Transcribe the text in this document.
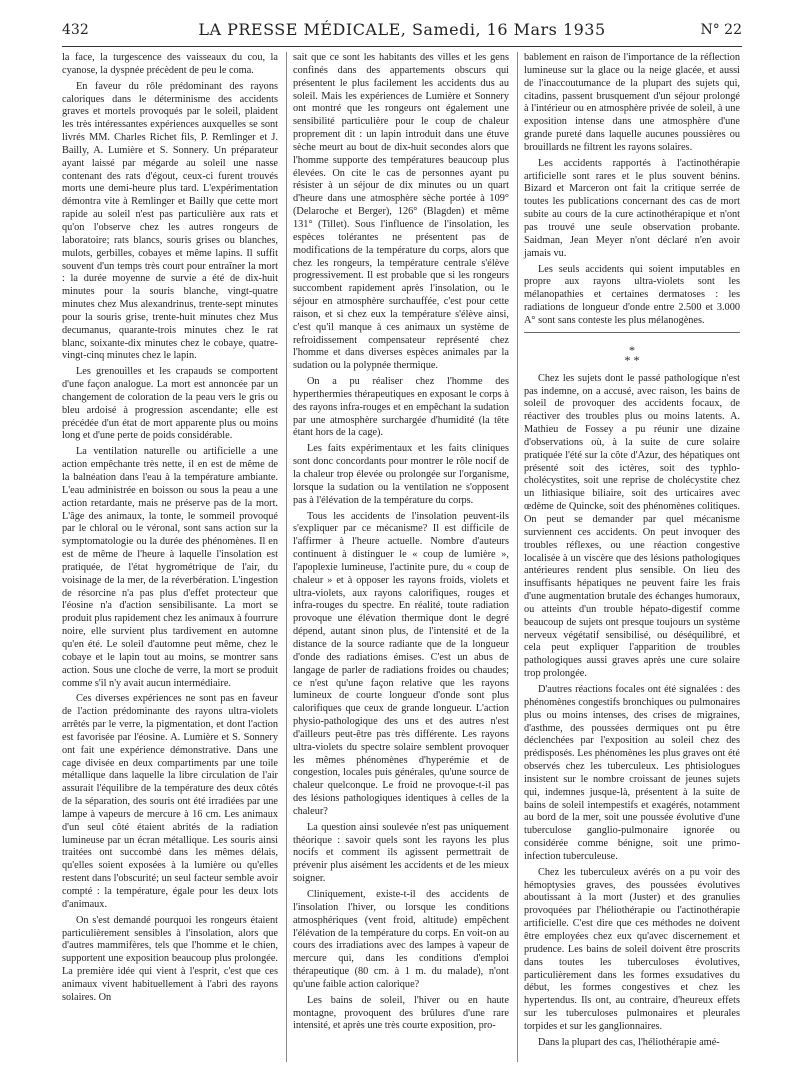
432	LA PRESSE MÉDICALE, Samedi, 16 Mars 1935	N° 22

la face, la turgescence des vaisseaux du cou, la cyanose, la dyspnée précèdent de peu le coma.

En faveur du rôle prédominant des rayons caloriques dans le déterminisme des accidents graves et mortels provoqués par le soleil, plaident les très intéressantes expériences auxquelles se sont livrés MM. Charles Richet fils, P. Remlinger et J. Bailly, A. Lumière et S. Sonnery. Un préparateur ayant laissé par mégarde au soleil une nasse contenant des rats d'égout, ceux-ci furent trouvés morts une demi-heure plus tard. L'expérimentation démontra vite à Remlinger et Bailly que cette mort rapide au soleil n'est pas particulière aux rats et qu'on l'observe chez les autres rongeurs de laboratoire; rats blancs, souris grises ou blanches, mulots, gerbilles, cobayes et même lapins. Il suffit souvent d'un temps très court pour entraîner la mort : la durée moyenne de survie a été de dix-huit minutes pour la souris blanche, vingt-quatre minutes chez Mus alexandrinus, trente-sept minutes pour la souris grise, trente-huit minutes chez Mus decumanus, quarante-trois minutes chez le rat blanc, soixante-dix minutes chez le cobaye, quatre-vingt-cinq minutes chez le lapin.

Les grenouilles et les crapauds se comportent d'une façon analogue. La mort est annoncée par un changement de coloration de la peau vers le gris ou bleu ardoisé à progression ascendante; elle est précédée d'un état de mort apparente plus ou moins long et d'une perte de poids considérable.

La ventilation naturelle ou artificielle a une action empêchante très nette, il en est de même de la balnéation dans l'eau à la température ambiante. L'eau administrée en boisson ou sous la peau a une action retardante, mais ne préserve pas de la mort. L'âge des animaux, la tonte, le sommeil provoqué par le chloral ou le véronal, sont sans action sur la symptomatologie ou la durée des phénomènes. Il en est de même de l'heure à laquelle l'insolation est pratiquée, de l'état hygrométrique de l'air, du voisinage de la mer, de la réverbération. L'ingestion de résorcine n'a pas plus d'effet protecteur que l'éosine n'a d'action sensibilisante. La mort se produit plus rapidement chez les animaux à fourrure noire, elle survient plus tardivement en automne qu'en été. Le soleil d'automne peut même, chez le cobaye et le lapin tout au moins, se montrer sans action. Sous une cloche de verre, la mort se produit comme s'il n'y avait aucun intermédiaire.

Ces diverses expériences ne sont pas en faveur de l'action prédominante des rayons ultra-violets arrêtés par le verre, la pigmentation, et dont l'action est favorisée par l'éosine. A. Lumière et S. Sonnery ont fait une expérience démonstrative. Dans une cage divisée en deux compartiments par une toile métallique dans laquelle la libre circulation de l'air assurait l'équilibre de la température des deux côtés de la séparation, des souris ont été irradiées par une lampe à vapeurs de mercure à 16 cm. Les animaux d'un seul côté étaient abrités de la radiation lumineuse par un écran métallique. Les souris ainsi traitées ont succombé dans les mêmes délais, qu'elles soient exposées à la lumière ou qu'elles restent dans l'obscurité; un seul facteur semble avoir compté : la température, égale pour les deux lots d'animaux.

On s'est demandé pourquoi les rongeurs étaient particulièrement sensibles à l'insolation, alors que d'autres mammifères, tels que l'homme et le chien, supportent une exposition beaucoup plus prolongée. La première idée qui vient à l'esprit, c'est que ces animaux vivent habituellement à l'abri des rayons solaires. On

sait que ce sont les habitants des villes et les gens confinés dans des appartements obscurs qui présentent le plus facilement les accidents dus au soleil. Mais les expériences de Lumière et Sonnery ont montré que les rongeurs ont également une sensibilité particulière pour le coup de chaleur proprement dit : un lapin introduit dans une étuve sèche meurt au bout de dix-huit secondes alors que l'homme supporte des températures beaucoup plus élevées. On cite le cas de personnes ayant pu résister à un séjour de dix minutes ou un quart d'heure dans une atmosphère sèche portée à 109° (Delaroche et Berger), 126° (Blagden) et même 131° (Tillet). Sous l'influence de l'insolation, les espèces tolérantes ne présentent pas de modifications de la température du corps, alors que chez les rongeurs, la température centrale s'élève progressivement. Il est probable que si les rongeurs succombent rapidement après l'insolation, ou le séjour en atmosphère surchauffée, c'est pour cette raison, et si chez eux la température s'élève ainsi, c'est qu'il manque à ces animaux un système de refroidissement compensateur représenté chez l'homme et dans diverses espèces animales par la sudation ou la polypnée thermique.

On a pu réaliser chez l'homme des hyperthermies thérapeutiques en exposant le corps à des rayons infra-rouges et en empêchant la sudation par une atmosphère surchargée d'humidité (la tête étant hors de la cage).

Les faits expérimentaux et les faits cliniques sont donc concordants pour montrer le rôle nocif de la chaleur trop élevée ou prolongée sur l'organisme, lorsque la sudation ou la ventilation ne s'opposent pas à l'élévation de la température du corps.

Tous les accidents de l'insolation peuvent-ils s'expliquer par ce mécanisme? Il est difficile de l'affirmer à l'heure actuelle. Nombre d'auteurs continuent à distinguer le « coup de lumière », l'apoplexie lumineuse, l'actinite pure, du « coup de chaleur » et à opposer les rayons froids, violets et ultra-violets, aux rayons calorifiques, rouges et infra-rouges du spectre. En réalité, toute radiation provoque une élévation thermique dont le degré dépend, autant sinon plus, de l'intensité et de la distance de la source radiante que de la longueur d'onde des radiations émises. C'est un abus de langage de parler de radiations froides ou chaudes; ce n'est qu'une façon relative que les rayons lumineux de courte longueur d'onde sont plus calorifiques que ceux de grande longueur. L'action physio-pathologique des uns et des autres n'est d'ailleurs peut-être pas très différente. Les rayons ultra-violets du spectre solaire semblent provoquer les mêmes phénomènes d'hyperémie et de congestion, locales puis générales, qu'une source de chaleur quelconque. Le froid ne provoque-t-il pas des lésions pathologiques identiques à celles de la chaleur?

La question ainsi soulevée n'est pas uniquement théorique : savoir quels sont les rayons les plus nocifs et comment ils agissent permettrait de prévenir plus aisément les accidents et de les mieux soigner.

Cliniquement, existe-t-il des accidents de l'insolation l'hiver, ou lorsque les conditions atmosphériques (vent froid, altitude) empêchent l'élévation de la température du corps. En voit-on au cours des irradiations avec des lampes à vapeur de mercure qui, dans les conditions d'emploi thérapeutique (80 cm. à 1 m. du malade), n'ont qu'une faible action calorique?

Les bains de soleil, l'hiver ou en haute montagne, provoquent des brûlures d'une rare intensité, et après une très courte exposition, pro-

bablement en raison de l'importance de la réflection lumineuse sur la glace ou la neige glacée, et aussi de l'inaccoutumance de la plupart des sujets qui, citadins, passent brusquement d'un séjour prolongé à l'intérieur ou en atmosphère privée de soleil, à une exposition intense dans une atmosphère d'une grande pureté dans laquelle aucunes poussières ou brouillards ne filtrent les rayons solaires.

Les accidents rapportés à l'actinothérapie artificielle sont rares et le plus souvent bénins. Bizard et Marceron ont fait la critique serrée de toutes les publications concernant des cas de mort subite au cours de la cure actinothérapique et n'ont pas trouvé une seule observation probante. Saidman, Jean Meyer n'ont déclaré n'en avoir jamais vu.

Les seuls accidents qui soient imputables en propre aux rayons ultra-violets sont les mélanopathies et certaines dermatoses : les radiations de longueur d'onde entre 2.500 et 3.000 A° sont sans conteste les plus mélanogènes.

*
* *

Chez les sujets dont le passé pathologique n'est pas indemne, on a accusé, avec raison, les bains de soleil de provoquer des accidents focaux, de réactiver des troubles plus ou moins latents. A. Mathieu de Fossey a pu réunir une dizaine d'observations où, à la suite de cure solaire pratiquée l'été sur la côte d'Azur, des hépatiques ont présenté soit des ictères, soit des typhlo-cholécystites, soit une reprise de cholécystite chez un lithiasique biliaire, soit des urticaires avec œdème de Quincke, soit des phénomènes colitiques. On peut se demander par quel mécanisme surviennent ces accidents. On peut invoquer des troubles réflexes, ou une réaction congestive localisée à un viscère que des lésions pathologiques antérieures rendent plus sensible. On lieu des insuffisants hépatiques ne peuvent faire les frais d'une augmentation brutale des échanges humoraux, ou atteints d'un trouble hépato-digestif comme beaucoup de sujets ont presque toujours un système nerveux végétatif sensibilisé, ou déséquilibré, et cela peut expliquer l'apparition de troubles pathologiques aussi graves après une cure solaire trop prolongée.

D'autres réactions focales ont été signalées : des phénomènes congestifs bronchiques ou pulmonaires plus ou moins intenses, des crises de migraines, d'asthme, des poussées dermiques ont pu être déclenchées par l'exposition au soleil chez des prédisposés. Les phénomènes les plus graves ont été observés chez les tuberculeux. Les phtisiologues insistent sur le nombre croissant de jeunes sujets qui, indemnes jusque-là, présentent à la suite de bains de soleil intempestifs et exagérés, notamment au bord de la mer, soit une poussée évolutive d'une tuberculose ganglio-pulmonaire ignorée ou considérée comme bénigne, soit une primo-infection tuberculeuse.

Chez les tuberculeux avérés on a pu voir des hémoptysies graves, des poussées évolutives aboutissant à la mort (Juster) et des granulies provoquées par l'héliothérapie ou l'actinothérapie artificielle. C'est dire que ces méthodes ne doivent être employées chez eux qu'avec discernement et prudence. Les bains de soleil doivent être proscrits dans toutes les tuberculoses évolutives, particulièrement dans les formes exsudatives du début, les formes congestives et chez les hypertendus. Ils ont, au contraire, d'heureux effets sur les tuberculoses pulmonaires et pleurales torpides et sur les ganglionnaires.

Dans la plupart des cas, l'héliothérapie amé-
